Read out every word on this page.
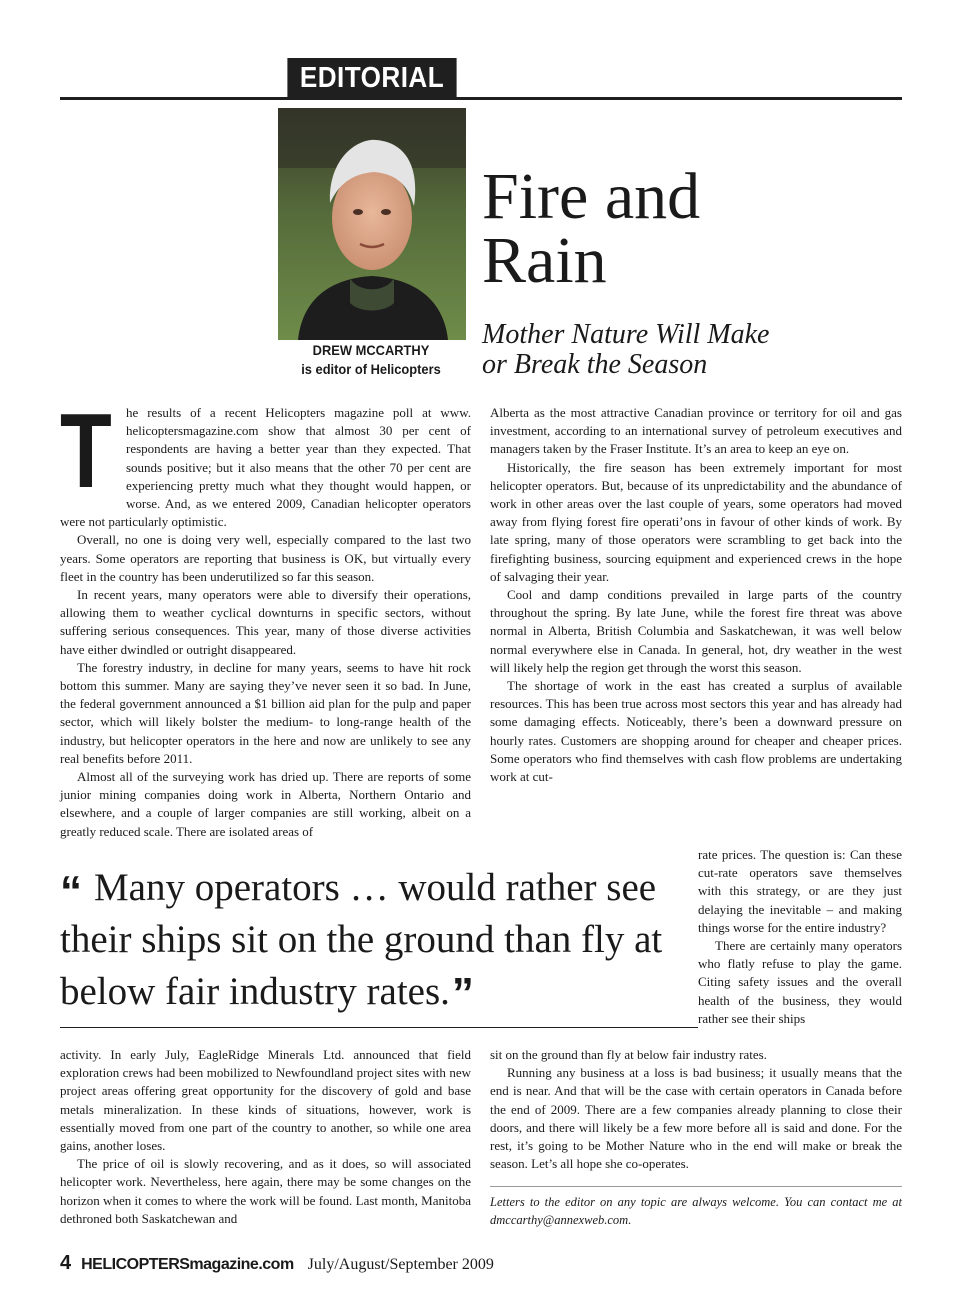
EDITORIAL
DREW MCCARTHY
is editor of Helicopters
Fire and
Rain
Mother Nature Will Make
or Break the Season
T	he results of a recent Helicopters magazine poll at www. helicoptersmagazine.com show that almost 30 per cent of respondents are having a better year than they expected. That sounds positive; but it also means that the other 70 per cent are experiencing pretty much what they thought would happen, or worse. And, as we entered 2009, Canadian helicopter operators were not particularly optimistic.

Overall, no one is doing very well, especially compared to the last two years. Some operators are reporting that business is OK, but virtually every fleet in the country has been underutilized so far this season.

In recent years, many operators were able to diversify their operations, allowing them to weather cyclical downturns in specific sectors, without suffering serious consequences. This year, many of those diverse activities have either dwindled or outright disappeared.

The forestry industry, in decline for many years, seems to have hit rock bottom this summer. Many are saying they’ve never seen it so bad. In June, the federal government announced a $1 billion aid plan for the pulp and paper sector, which will likely bolster the medium- to long-range health of the industry, but helicopter operators in the here and now are unlikely to see any real benefits before 2011.

Almost all of the surveying work has dried up. There are reports of some junior mining companies doing work in Alberta, Northern Ontario and elsewhere, and a couple of larger companies are still working, albeit on a greatly reduced scale. There are isolated areas of

Alberta as the most attractive Canadian province or territory for oil and gas investment, according to an international survey of petroleum executives and managers taken by the Fraser Institute. It’s an area to keep an eye on.

Historically, the fire season has been extremely important for most helicopter operators. But, because of its unpredictability and the abundance of work in other areas over the last couple of years, some operators had moved away from flying forest fire operati’ons in favour of other kinds of work. By late spring, many of those operators were scrambling to get back into the firefighting business, sourcing equipment and experienced crews in the hope of salvaging their year.

Cool and damp conditions prevailed in large parts of the country throughout the spring. By late June, while the forest fire threat was above normal in Alberta, British Columbia and Saskatchewan, it was well below normal everywhere else in Canada. In general, hot, dry weather in the west will likely help the region get through the worst this season.

The shortage of work in the east has created a surplus of available resources. This has been true across most sectors this year and has already had some damaging effects. Noticeably, there’s been a downward pressure on hourly rates. Customers are shopping around for cheaper and cheaper prices. Some operators who find themselves with cash flow problems are undertaking work at cut-

rate prices. The question is: Can these cut-rate operators save themselves with this strategy, or are they just delaying the inevitable – and making things worse for the entire industry?

There are certainly many operators who flatly refuse to play the game. Citing safety issues and the overall health of the business, they would rather see their ships

“ Many operators … would rather see their ships sit on the ground than fly at below fair industry rates.”

activity. In early July, EagleRidge Minerals Ltd. announced that field exploration crews had been mobilized to Newfoundland project sites with new project areas offering great opportunity for the discovery of gold and base metals mineralization. In these kinds of situations, however, work is essentially moved from one part of the country to another, so while one area gains, another loses.

The price of oil is slowly recovering, and as it does, so will associated helicopter work. Nevertheless, here again, there may be some changes on the horizon when it comes to where the work will be found. Last month, Manitoba dethroned both Saskatchewan and

sit on the ground than fly at below fair industry rates.

Running any business at a loss is bad business; it usually means that the end is near. And that will be the case with certain operators in Canada before the end of 2009. There are a few companies already planning to close their doors, and there will likely be a few more before all is said and done. For the rest, it’s going to be Mother Nature who in the end will make or break the season. Let’s all hope she co-operates.

Letters to the editor on any topic are always welcome. You can contact me at dmccarthy@annexweb.com.
4 HELICOPTERSmagazine.com July/August/September 2009
